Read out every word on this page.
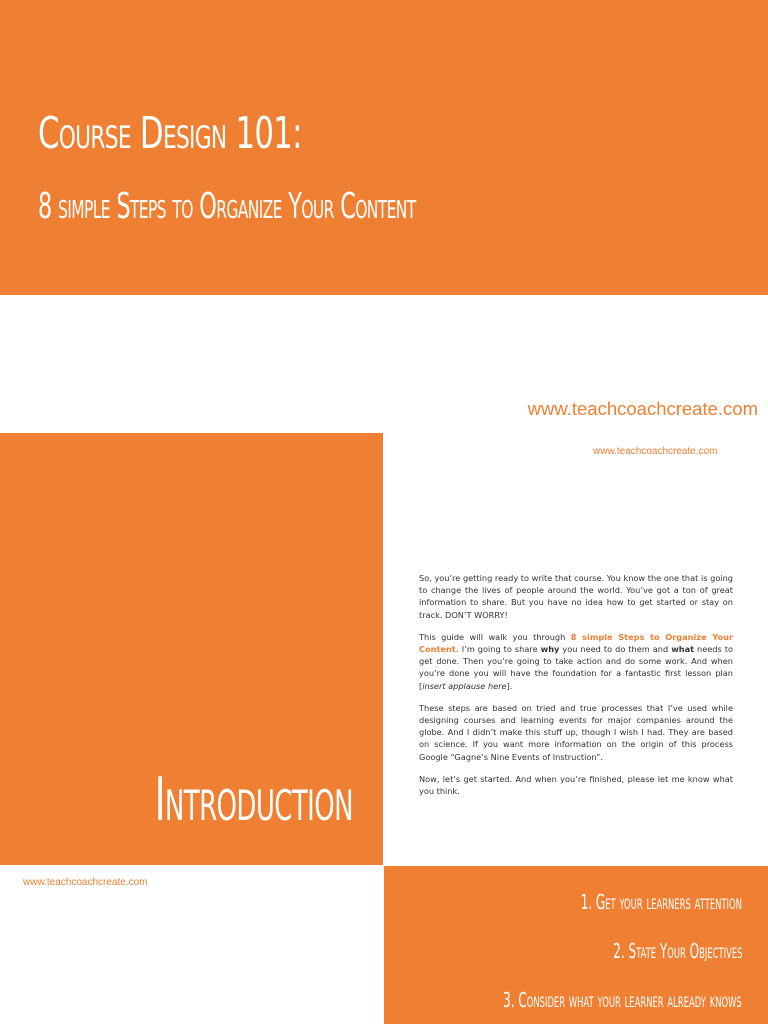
Course Design 101:
8 simple Steps to Organize Your Content
www.teachcoachcreate.com
Introduction
www.teachcoachcreate.com

So, you’re getting ready to write that course. You know the one that is going to change the lives of people around the world. You’ve got a ton of great information to share. But you have no idea how to get started or stay on track. DON’T WORRY!

This guide will walk you through 8 simple Steps to Organize Your Content. I’m going to share why you need to do them and what needs to get done. Then you’re going to take action and do some work. And when you’re done you will have the foundation for a fantastic first lesson plan [insert applause here].

These steps are based on tried and true processes that I’ve used while designing courses and learning events for major companies around the globe. And I didn’t make this stuff up, though I wish I had. They are based on science. If you want more information on the origin of this process Google “Gagne’s Nine Events of Instruction”.

Now, let’s get started. And when you’re finished, please let me know what you think.

www.teachcoachcreate.com
1. Get your learners attention
2. State Your Objectives
3. Consider what your learner already knows
